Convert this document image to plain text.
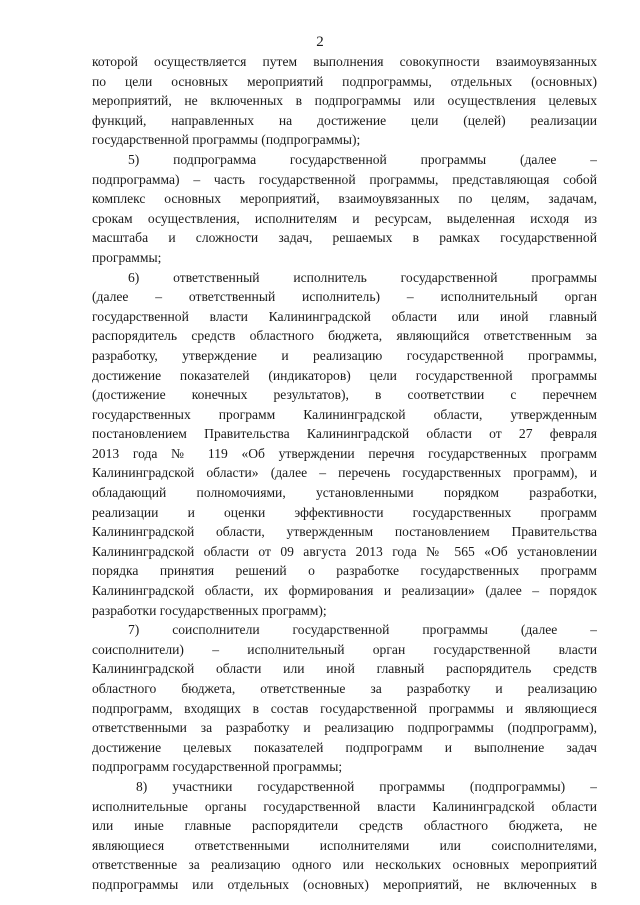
2
которой осуществляется путем выполнения совокупности взаимоувязанных
по цели основных мероприятий подпрограммы, отдельных (основных)
мероприятий, не включенных в подпрограммы или осуществления целевых
функций, направленных на достижение цели (целей) реализации
государственной программы (подпрограммы);
5) подпрограмма государственной программы (далее –
подпрограмма) – часть государственной программы, представляющая собой
комплекс основных мероприятий, взаимоувязанных по целям, задачам,
срокам осуществления, исполнителям и ресурсам, выделенная исходя из
масштаба и сложности задач, решаемых в рамках государственной
программы;
6) ответственный исполнитель государственной программы
(далее – ответственный исполнитель) – исполнительный орган
государственной власти Калининградской области или иной главный
распорядитель средств областного бюджета, являющийся ответственным за
разработку, утверждение и реализацию государственной программы,
достижение показателей (индикаторов) цели государственной программы
(достижение конечных результатов), в соответствии с перечнем
государственных программ Калининградской области, утвержденным
постановлением Правительства Калининградской области от 27 февраля
2013 года № 119 «Об утверждении перечня государственных программ
Калининградской области» (далее – перечень государственных программ), и
обладающий полномочиями, установленными порядком разработки,
реализации и оценки эффективности государственных программ
Калининградской области, утвержденным постановлением Правительства
Калининградской области от 09 августа 2013 года № 565 «Об установлении
порядка принятия решений о разработке государственных программ
Калининградской области, их формирования и реализации» (далее – порядок
разработки государственных программ);
7) соисполнители государственной программы (далее –
соисполнители) – исполнительный орган государственной власти
Калининградской области или иной главный распорядитель средств
областного бюджета, ответственные за разработку и реализацию
подпрограмм, входящих в состав государственной программы и являющиеся
ответственными за разработку и реализацию подпрограммы (подпрограмм),
достижение целевых показателей подпрограмм и выполнение задач
подпрограмм государственной программы;
8) участники государственной программы (подпрограммы) –
исполнительные органы государственной власти Калининградской области
или иные главные распорядители средств областного бюджета, не
являющиеся ответственными исполнителями или соисполнителями,
ответственные за реализацию одного или нескольких основных мероприятий
подпрограммы или отдельных (основных) мероприятий, не включенных в
